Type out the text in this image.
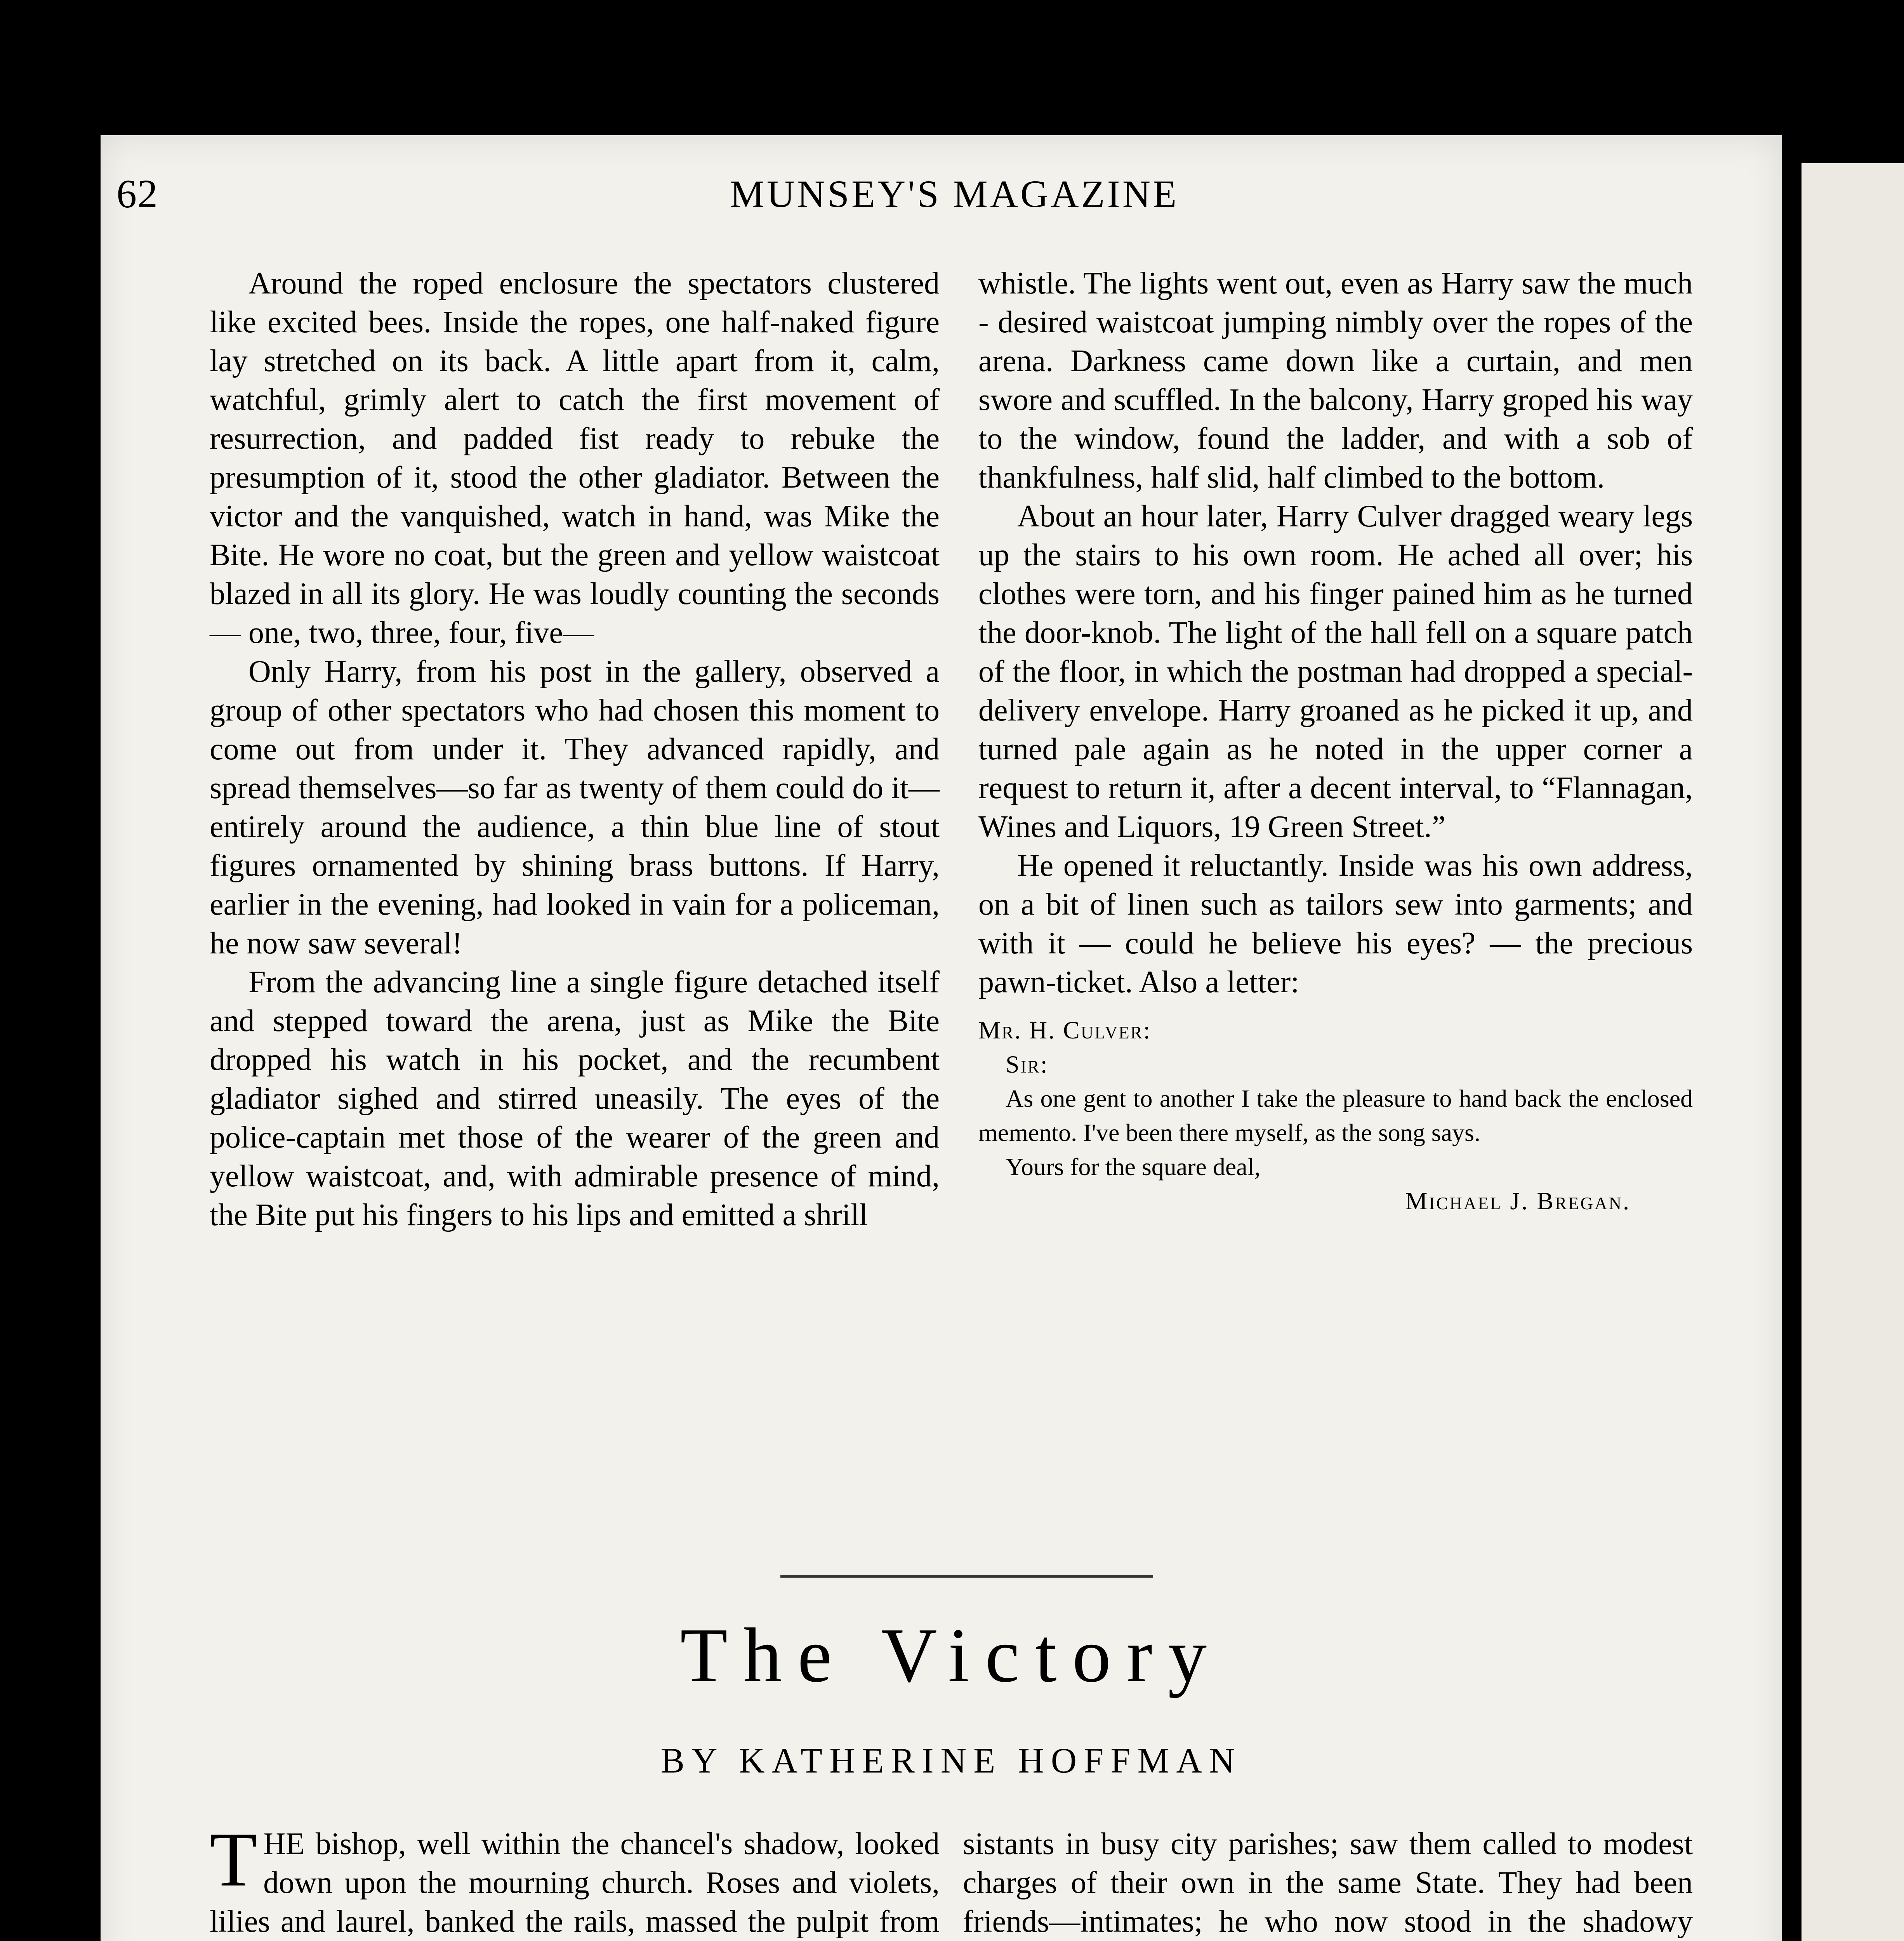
62	MUNSEY'S MAGAZINE

Around the roped enclosure the spectators clustered like excited bees. Inside the ropes, one half-naked figure lay stretched on its back. A little apart from it, calm, watchful, grimly alert to catch the first movement of resurrection, and padded fist ready to rebuke the presumption of it, stood the other gladiator. Between the victor and the vanquished, watch in hand, was Mike the Bite. He wore no coat, but the green and yellow waistcoat blazed in all its glory. He was loudly counting the seconds — one, two, three, four, five—

Only Harry, from his post in the gallery, observed a group of other spectators who had chosen this moment to come out from under it. They advanced rapidly, and spread themselves—so far as twenty of them could do it—entirely around the audience, a thin blue line of stout figures ornamented by shining brass buttons. If Harry, earlier in the evening, had looked in vain for a policeman, he now saw several!

From the advancing line a single figure detached itself and stepped toward the arena, just as Mike the Bite dropped his watch in his pocket, and the recumbent gladiator sighed and stirred uneasily. The eyes of the police-captain met those of the wearer of the green and yellow waistcoat, and, with admirable presence of mind, the Bite put his fingers to his lips and emitted a shrill

whistle. The lights went out, even as Harry saw the much - desired waistcoat jumping nimbly over the ropes of the arena. Darkness came down like a curtain, and men swore and scuffled. In the balcony, Harry groped his way to the window, found the ladder, and with a sob of thankfulness, half slid, half climbed to the bottom.

About an hour later, Harry Culver dragged weary legs up the stairs to his own room. He ached all over; his clothes were torn, and his finger pained him as he turned the door-knob. The light of the hall fell on a square patch of the floor, in which the postman had dropped a special-delivery envelope. Harry groaned as he picked it up, and turned pale again as he noted in the upper corner a request to return it, after a decent interval, to “Flannagan, Wines and Liquors, 19 Green Street.”

He opened it reluctantly. Inside was his own address, on a bit of linen such as tailors sew into garments; and with it — could he believe his eyes? — the precious pawn-ticket. Also a letter:

Mr. H. Culver:
Sir:
As one gent to another I take the pleasure to hand back the enclosed memento. I've been there myself, as the song says.
Yours for the square deal,
Michael J. Bregan.
The Victory
BY KATHERINE HOFFMAN

THE bishop, well within the chancel's shadow, looked down upon the mourning church. Roses and violets, lilies and laurel, banked the rails, massed the pulpit from

sistants in busy city parishes; saw them called to modest charges of their own in the same State. They had been friends—intimates; he who now stood in the shadowy
